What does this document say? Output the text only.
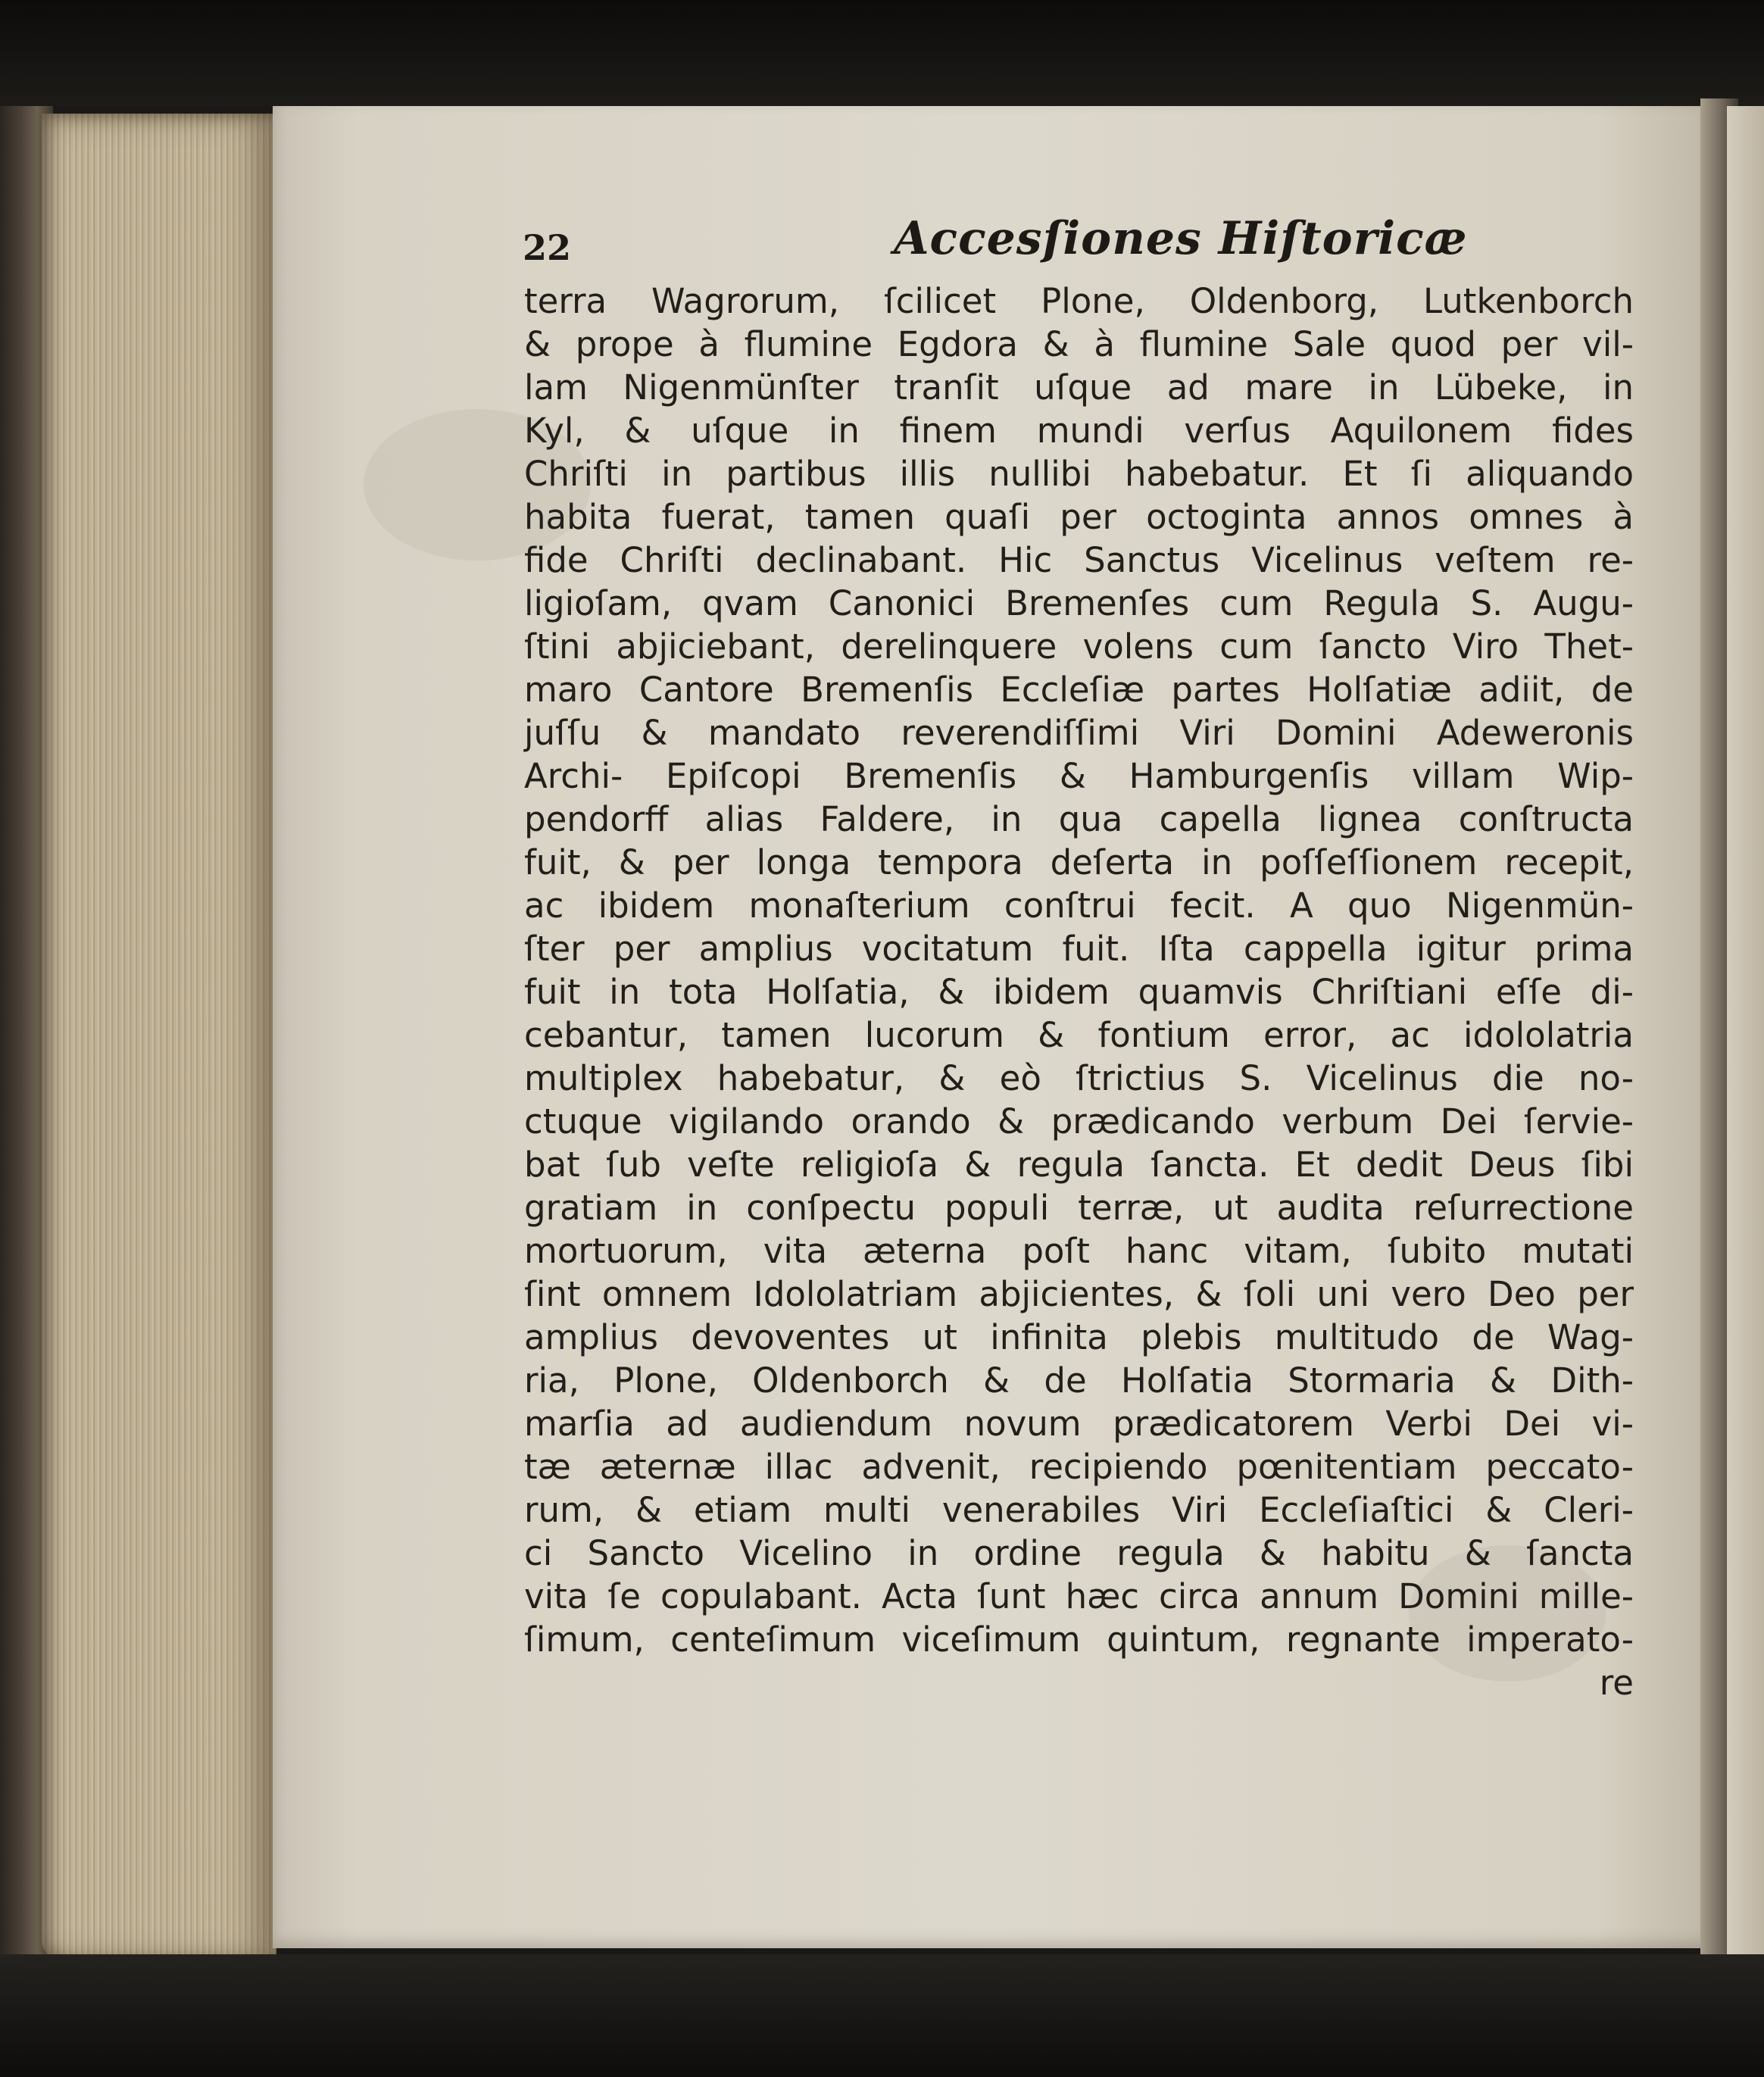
22	Accesſiones Hiſtoricæ
terra Wagrorum, ſcilicet Plone, Oldenborg, Lutkenborch
& prope à flumine Egdora & à flumine Sale quod per vil-
lam Nigenmünſter tranſit uſque ad mare in Lübeke, in
Kyl, & uſque in finem mundi verſus Aquilonem fides
Chriſti in partibus illis nullibi habebatur. Et ſi aliquando
habita fuerat, tamen quaſi per octoginta annos omnes à
fide Chriſti declinabant. Hic Sanctus Vicelinus veſtem re-
ligioſam, qvam Canonici Bremenſes cum Regula S. Augu-
ſtini abjiciebant, derelinquere volens cum ſancto Viro Thet-
maro Cantore Bremenſis Eccleſiæ partes Holſatiæ adiit, de
juſſu & mandato reverendiſſimi Viri Domini Adeweronis
Archi- Epiſcopi Bremenſis & Hamburgenſis villam Wip-
pendorff alias Faldere, in qua capella lignea conſtructa
fuit, & per longa tempora deſerta in poſſeſſionem recepit,
ac ibidem monaſterium conſtrui fecit. A quo Nigenmün-
ſter per amplius vocitatum fuit. Iſta cappella igitur prima
fuit in tota Holſatia, & ibidem quamvis Chriſtiani eſſe di-
cebantur, tamen lucorum & fontium error, ac idololatria
multiplex habebatur, & eò ſtrictius S. Vicelinus die no-
ctuque vigilando orando & prædicando verbum Dei ſervie-
bat ſub veſte religioſa & regula ſancta. Et dedit Deus ſibi
gratiam in conſpectu populi terræ, ut audita reſurrectione
mortuorum, vita æterna poſt hanc vitam, ſubito mutati
ſint omnem Idololatriam abjicientes, & ſoli uni vero Deo per
amplius devoventes ut infinita plebis multitudo de Wag-
ria, Plone, Oldenborch & de Holſatia Stormaria & Dith-
marſia ad audiendum novum prædicatorem Verbi Dei vi-
tæ æternæ illac advenit, recipiendo pœnitentiam peccato-
rum, & etiam multi venerabiles Viri Eccleſiaſtici & Cleri-
ci Sancto Vicelino in ordine regula & habitu & ſancta
vita ſe copulabant. Acta ſunt hæc circa annum Domini mille-
ſimum, centeſimum viceſimum quintum, regnante imperato-
re
